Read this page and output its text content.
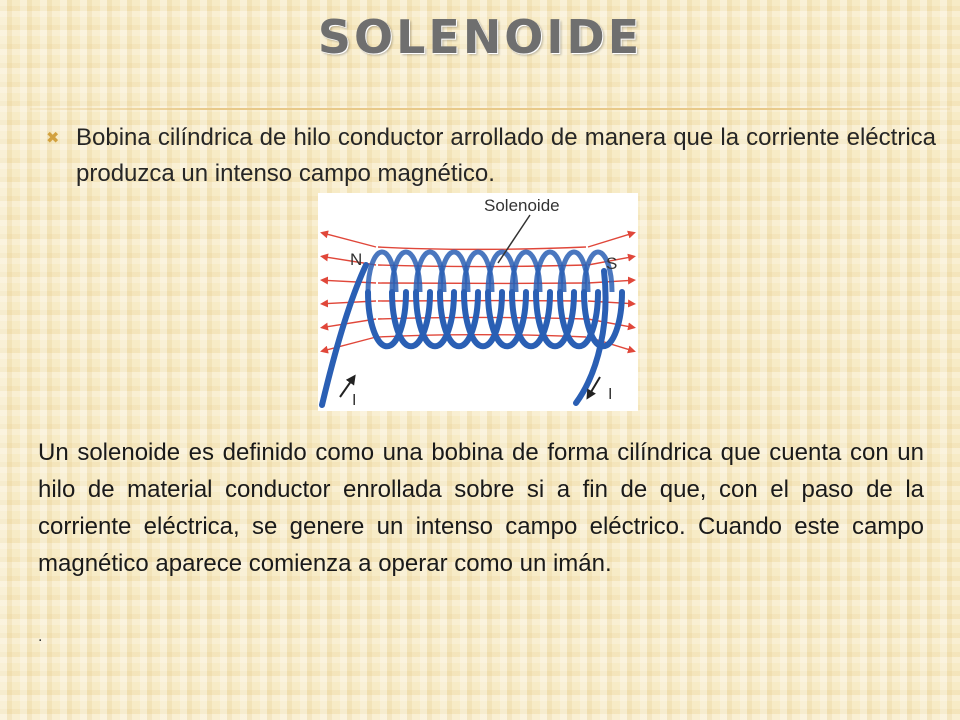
SOLENOIDE
✖ Bobina cilíndrica de hilo conductor arrollado de manera que la corriente eléctrica produzca un intenso campo magnético.
Solenoide
N	S
I	I
Un solenoide es definido como una bobina de forma cilíndrica que cuenta con un hilo de material conductor enrollada sobre si a fin de que, con el paso de la corriente eléctrica, se genere un intenso campo eléctrico. Cuando este campo magnético aparece comienza a operar como un imán.
.
